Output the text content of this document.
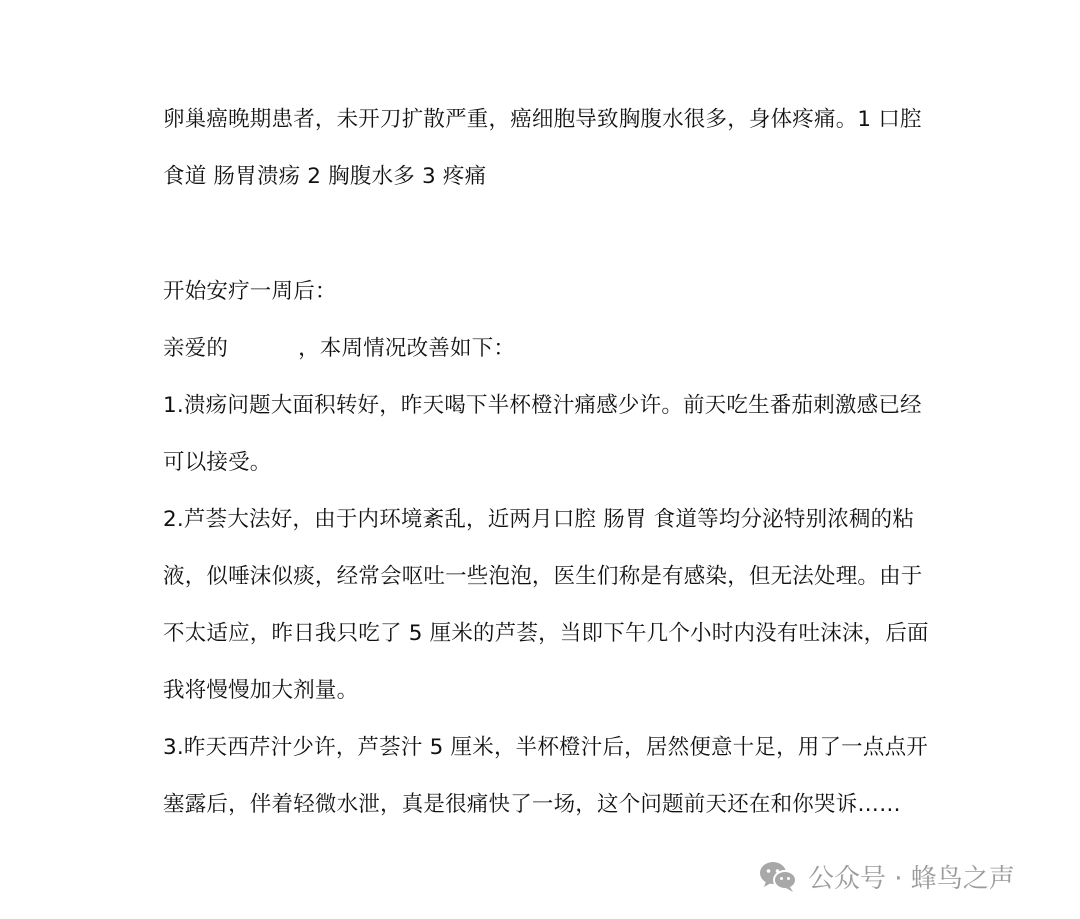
卵巢癌晚期患者，未开刀扩散严重，癌细胞导致胸腹水很多，身体疼痛。1 口腔
食道 肠胃溃疡 2 胸腹水多 3 疼痛
开始安疗一周后：
亲爱的	，本周情况改善如下：
1.溃疡问题大面积转好，昨天喝下半杯橙汁痛感少许。前天吃生番茄刺激感已经
可以接受。
2.芦荟大法好，由于内环境紊乱，近两月口腔 肠胃 食道等均分泌特别浓稠的粘
液，似唾沫似痰，经常会呕吐一些泡泡，医生们称是有感染，但无法处理。由于
不太适应，昨日我只吃了 5 厘米的芦荟，当即下午几个小时内没有吐沫沫，后面
我将慢慢加大剂量。
3.昨天西芹汁少许，芦荟汁 5 厘米，半杯橙汁后，居然便意十足，用了一点点开
塞露后，伴着轻微水泄，真是很痛快了一场，这个问题前天还在和你哭诉……
公众号 · 蜂鸟之声
